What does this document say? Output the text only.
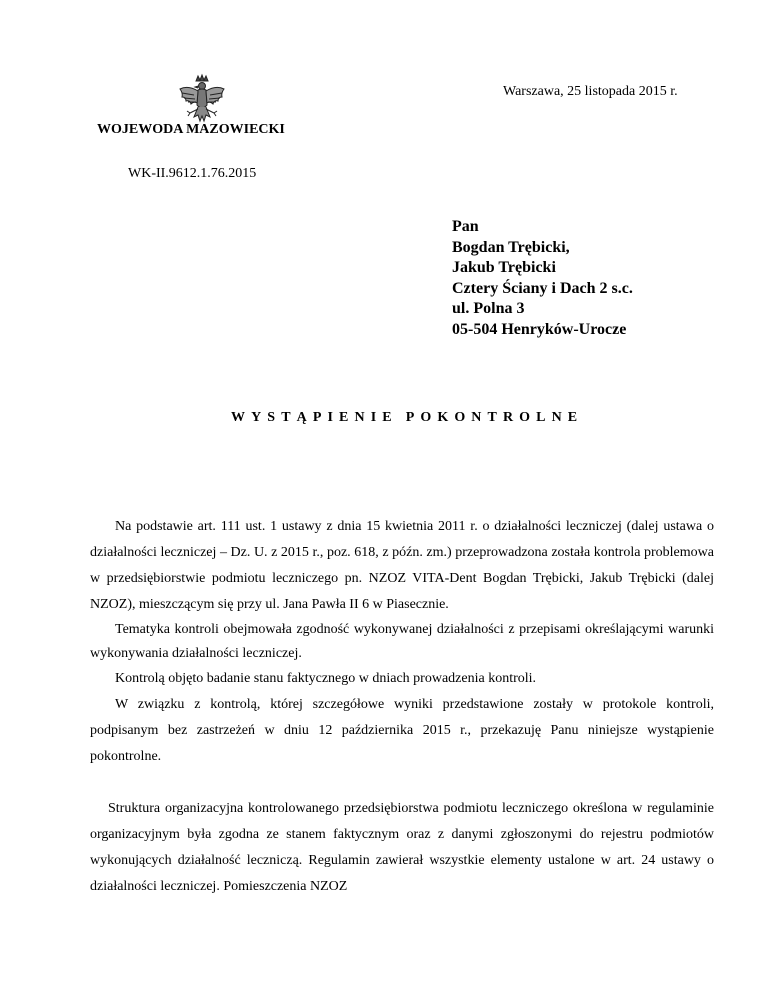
Warszawa, 25 listopada 2015 r.
WOJEWODA MAZOWIECKI
WK-II.9612.1.76.2015
Pan
Bogdan Trębicki,
Jakub Trębicki
Cztery Ściany i Dach 2 s.c.
ul. Polna 3
05-504 Henryków-Urocze
WYSTĄPIENIE POKONTROLNE

Na podstawie art. 111 ust. 1 ustawy z dnia 15 kwietnia 2011 r. o działalności leczniczej (dalej ustawa o działalności leczniczej – Dz. U. z 2015 r., poz. 618, z późn. zm.) przeprowadzona została kontrola problemowa w przedsiębiorstwie podmiotu leczniczego pn. NZOZ VITA-Dent Bogdan Trębicki, Jakub Trębicki (dalej NZOZ), mieszczącym się przy ul. Jana Pawła II 6 w Piasecznie.

Tematyka kontroli obejmowała zgodność wykonywanej działalności z przepisami określającymi warunki wykonywania działalności leczniczej.

Kontrolą objęto badanie stanu faktycznego w dniach prowadzenia kontroli.

W związku z kontrolą, której szczegółowe wyniki przedstawione zostały w protokole kontroli, podpisanym bez zastrzeżeń w dniu 12 października 2015 r., przekazuję Panu niniejsze wystąpienie pokontrolne.

Struktura organizacyjna kontrolowanego przedsiębiorstwa podmiotu leczniczego określona w regulaminie organizacyjnym była zgodna ze stanem faktycznym oraz z danymi zgłoszonymi do rejestru podmiotów wykonujących działalność leczniczą. Regulamin zawierał wszystkie elementy ustalone w art. 24 ustawy o działalności leczniczej. Pomieszczenia NZOZ
